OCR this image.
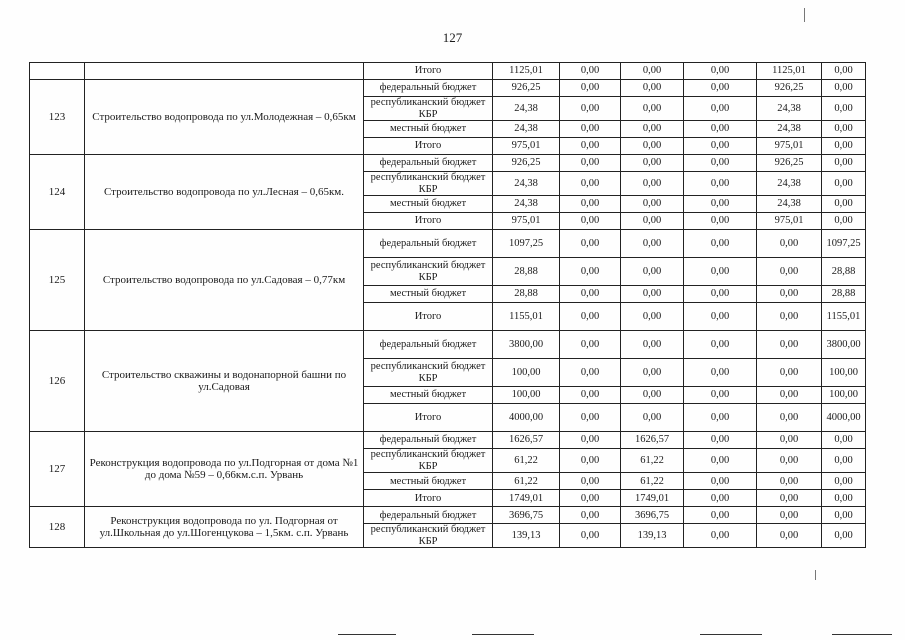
127
		Итого	1125,01	0,00	0,00	0,00	1125,01	0,00
123	Строительство водопровода по ул.Молодежная – 0,65км	федеральный бюджет	926,25	0,00	0,00	0,00	926,25	0,00
		республиканский бюджет КБР	24,38	0,00	0,00	0,00	24,38	0,00
		местный бюджет	24,38	0,00	0,00	0,00	24,38	0,00
		Итого	975,01	0,00	0,00	0,00	975,01	0,00
124	Строительство водопровода по ул.Лесная – 0,65км.	федеральный бюджет	926,25	0,00	0,00	0,00	926,25	0,00
		республиканский бюджет КБР	24,38	0,00	0,00	0,00	24,38	0,00
		местный бюджет	24,38	0,00	0,00	0,00	24,38	0,00
		Итого	975,01	0,00	0,00	0,00	975,01	0,00
125	Строительство водопровода по ул.Садовая – 0,77км	федеральный бюджет	1097,25	0,00	0,00	0,00	0,00	1097,25
		республиканский бюджет КБР	28,88	0,00	0,00	0,00	0,00	28,88
		местный бюджет	28,88	0,00	0,00	0,00	0,00	28,88
		Итого	1155,01	0,00	0,00	0,00	0,00	1155,01
126	Строительство скважины и водонапорной башни по ул.Садовая	федеральный бюджет	3800,00	0,00	0,00	0,00	0,00	3800,00
		республиканский бюджет КБР	100,00	0,00	0,00	0,00	0,00	100,00
		местный бюджет	100,00	0,00	0,00	0,00	0,00	100,00
		Итого	4000,00	0,00	0,00	0,00	0,00	4000,00
127	Реконструкция водопровода по ул.Подгорная от дома №1 до дома №59 – 0,66км.с.п. Урвань	федеральный бюджет	1626,57	0,00	1626,57	0,00	0,00	0,00
		республиканский бюджет КБР	61,22	0,00	61,22	0,00	0,00	0,00
		местный бюджет	61,22	0,00	61,22	0,00	0,00	0,00
		Итого	1749,01	0,00	1749,01	0,00	0,00	0,00
128	Реконструкция водопровода по ул. Подгорная от ул.Школьная до ул.Шогенцукова – 1,5км. с.п. Урвань	федеральный бюджет	3696,75	0,00	3696,75	0,00	0,00	0,00
		республиканский бюджет КБР	139,13	0,00	139,13	0,00	0,00	0,00
